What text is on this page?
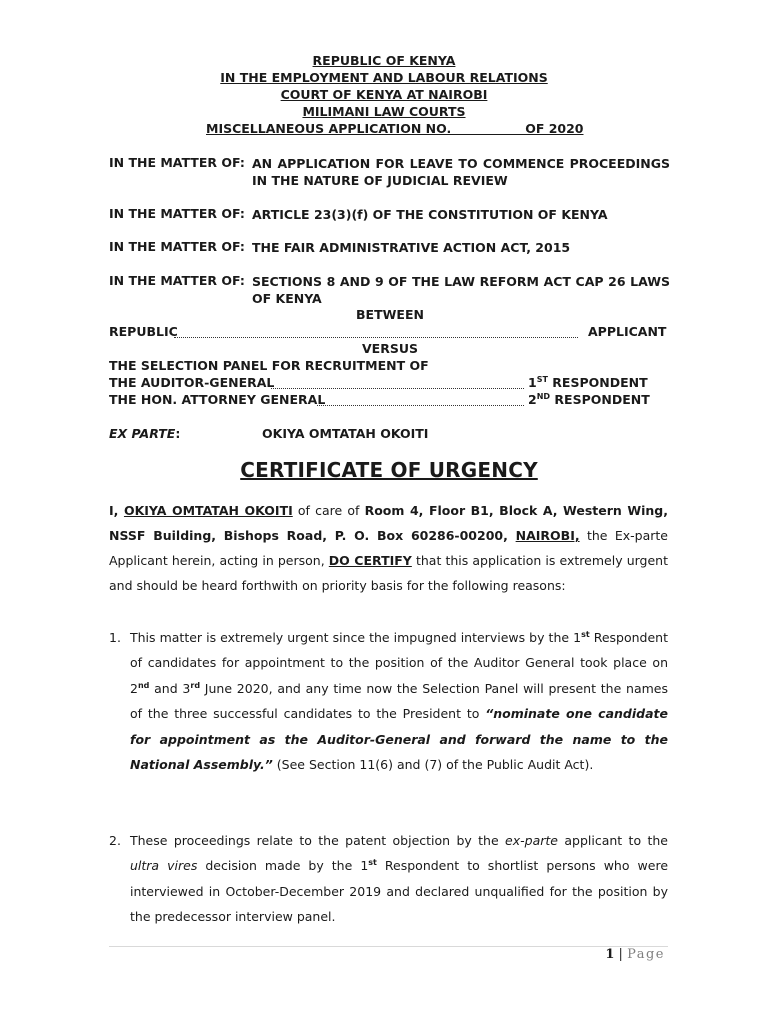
REPUBLIC OF KENYA
IN THE EMPLOYMENT AND LABOUR RELATIONS
COURT OF KENYA AT NAIROBI
MILIMANI LAW COURTS
MISCELLANEOUS APPLICATION NO.                 OF 2020
IN THE MATTER OF: AN APPLICATION FOR LEAVE TO COMMENCE PROCEEDINGS IN THE NATURE OF JUDICIAL REVIEW
IN THE MATTER OF: ARTICLE 23(3)(f) OF THE CONSTITUTION OF KENYA
IN THE MATTER OF: THE FAIR ADMINISTRATIVE ACTION ACT, 2015
IN THE MATTER OF: SECTIONS 8 AND 9 OF THE LAW REFORM ACT CAP 26 LAWS OF KENYA
BETWEEN
REPUBLIC	APPLICANT
VERSUS
THE SELECTION PANEL FOR RECRUITMENT OF
THE AUDITOR-GENERAL	1ST RESPONDENT
THE HON. ATTORNEY GENERAL	2ND RESPONDENT
EX PARTE:	OKIYA OMTATAH OKOITI
CERTIFICATE OF URGENCY
I, OKIYA OMTATAH OKOITI of care of Room 4, Floor B1, Block A, Western Wing, NSSF Building, Bishops Road, P. O. Box 60286-00200, NAIROBI, the Ex-parte Applicant herein, acting in person, DO CERTIFY that this application is extremely urgent and should be heard forthwith on priority basis for the following reasons:
1. This matter is extremely urgent since the impugned interviews by the 1st Respondent of candidates for appointment to the position of the Auditor General took place on 2nd and 3rd June 2020, and any time now the Selection Panel will present the names of the three successful candidates to the President to “nominate one candidate for appointment as the Auditor-General and forward the name to the National Assembly.” (See Section 11(6) and (7) of the Public Audit Act).
2. These proceedings relate to the patent objection by the ex-parte applicant to the ultra vires decision made by the 1st Respondent to shortlist persons who were interviewed in October-December 2019 and declared unqualified for the position by the predecessor interview panel.
1 | Page
